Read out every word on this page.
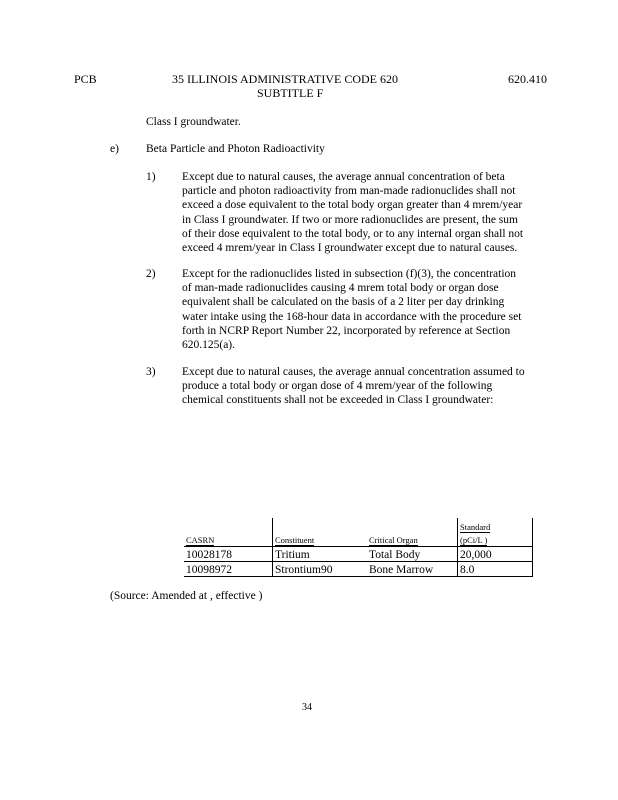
PCB	35 ILLINOIS ADMINISTRATIVE CODE 620
SUBTITLE F
620.410
Class I groundwater.
e) Beta Particle and Photon Radioactivity
1) Except due to natural causes, the average annual concentration of beta
particle and photon radioactivity from man-made radionuclides shall not
exceed a dose equivalent to the total body organ greater than 4 mrem/year
in Class I groundwater. If two or more radionuclides are present, the sum
of their dose equivalent to the total body, or to any internal organ shall not
exceed 4 mrem/year in Class I groundwater except due to natural causes.
2) Except for the radionuclides listed in subsection (f)(3), the concentration
of man-made radionuclides causing 4 mrem total body or organ dose
equivalent shall be calculated on the basis of a 2 liter per day drinking
water intake using the 168-hour data in accordance with the procedure set
forth in NCRP Report Number 22, incorporated by reference at Section
620.125(a).
3) Except due to natural causes, the average annual concentration assumed to
produce a total body or organ dose of 4 mrem/year of the following
chemical constituents shall not be exceeded in Class I groundwater:
CASRN	Constituent	Critical Organ	Standard
(pCi/L )
10028178	Tritium	Total Body	20,000
10098972	Strontium90	Bone Marrow	8.0
(Source: Amended at , effective )
34
